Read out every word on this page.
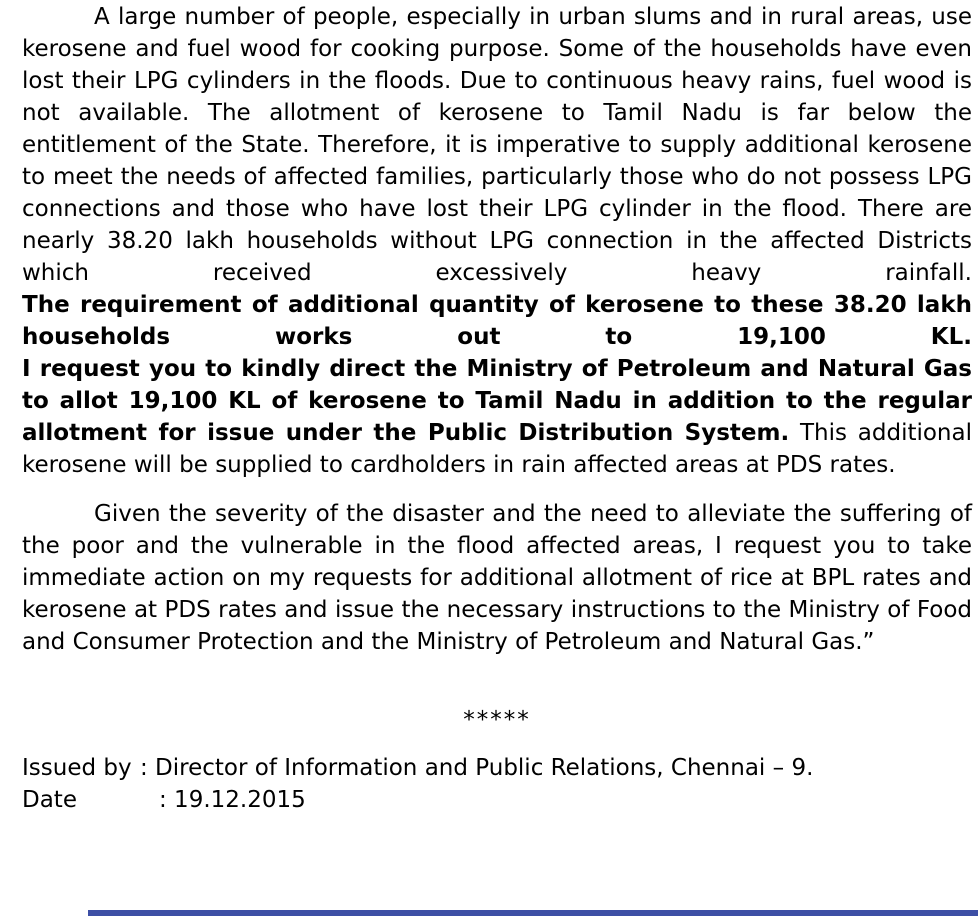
A large number of people, especially in urban slums and in rural areas, use kerosene and fuel wood for cooking purpose. Some of the households have even lost their LPG cylinders in the floods. Due to continuous heavy rains, fuel wood is not available. The allotment of kerosene to Tamil Nadu is far below the entitlement of the State. Therefore, it is imperative to supply additional kerosene to meet the needs of affected families, particularly those who do not possess LPG connections and those who have lost their LPG cylinder in the flood. There are nearly 38.20 lakh households without LPG connection in the affected Districts which received excessively heavy rainfall.
The requirement of additional quantity of kerosene to these 38.20 lakh households works out to 19,100 KL.
I request you to kindly direct the Ministry of Petroleum and Natural Gas to allot 19,100 KL of kerosene to Tamil Nadu in addition to the regular allotment for issue under the Public Distribution System. This additional kerosene will be supplied to cardholders in rain affected areas at PDS rates.
Given the severity of the disaster and the need to alleviate the suffering of the poor and the vulnerable in the flood affected areas, I request you to take immediate action on my requests for additional allotment of rice at BPL rates and kerosene at PDS rates and issue the necessary instructions to the Ministry of Food and Consumer Protection and the Ministry of Petroleum and Natural Gas.”
*****
Issued by : Director of Information and Public Relations, Chennai – 9.
Date	: 19.12.2015
